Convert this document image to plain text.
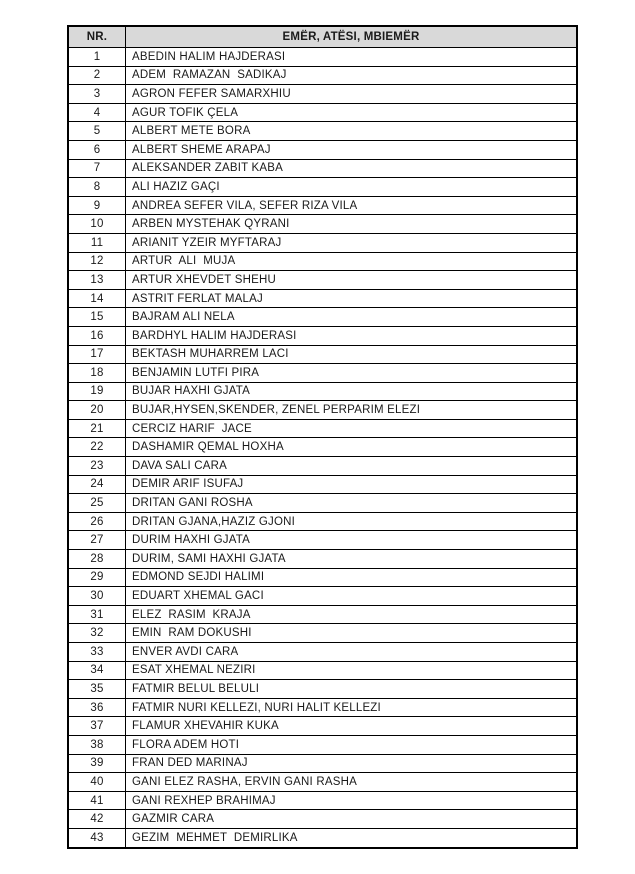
NR.	EMËR, ATËSI, MBIEMËR
1	ABEDIN HALIM HAJDERASI
2	ADEM  RAMAZAN  SADIKAJ
3	AGRON FEFER SAMARXHIU
4	AGUR TOFIK ÇELA
5	ALBERT METE BORA
6	ALBERT SHEME ARAPAJ
7	ALEKSANDER ZABIT KABA
8	ALI HAZIZ GAÇI
9	ANDREA SEFER VILA, SEFER RIZA VILA
10	ARBEN MYSTEHAK QYRANI
11	ARIANIT YZEIR MYFTARAJ
12	ARTUR  ALI  MUJA
13	ARTUR XHEVDET SHEHU
14	ASTRIT FERLAT MALAJ
15	BAJRAM ALI NELA
16	BARDHYL HALIM HAJDERASI
17	BEKTASH MUHARREM LACI
18	BENJAMIN LUTFI PIRA
19	BUJAR HAXHI GJATA
20	BUJAR,HYSEN,SKENDER, ZENEL PERPARIM ELEZI
21	CERCIZ HARIF  JACE
22	DASHAMIR QEMAL HOXHA
23	DAVA SALI CARA
24	DEMIR ARIF ISUFAJ
25	DRITAN GANI ROSHA
26	DRITAN GJANA,HAZIZ GJONI
27	DURIM HAXHI GJATA
28	DURIM, SAMI HAXHI GJATA
29	EDMOND SEJDI HALIMI
30	EDUART XHEMAL GACI
31	ELEZ  RASIM  KRAJA
32	EMIN  RAM DOKUSHI
33	ENVER AVDI CARA
34	ESAT XHEMAL NEZIRI
35	FATMIR BELUL BELULI
36	FATMIR NURI KELLEZI, NURI HALIT KELLEZI
37	FLAMUR XHEVAHIR KUKA
38	FLORA ADEM HOTI
39	FRAN DED MARINAJ
40	GANI ELEZ RASHA, ERVIN GANI RASHA
41	GANI REXHEP BRAHIMAJ
42	GAZMIR CARA
43	GEZIM  MEHMET  DEMIRLIKA
